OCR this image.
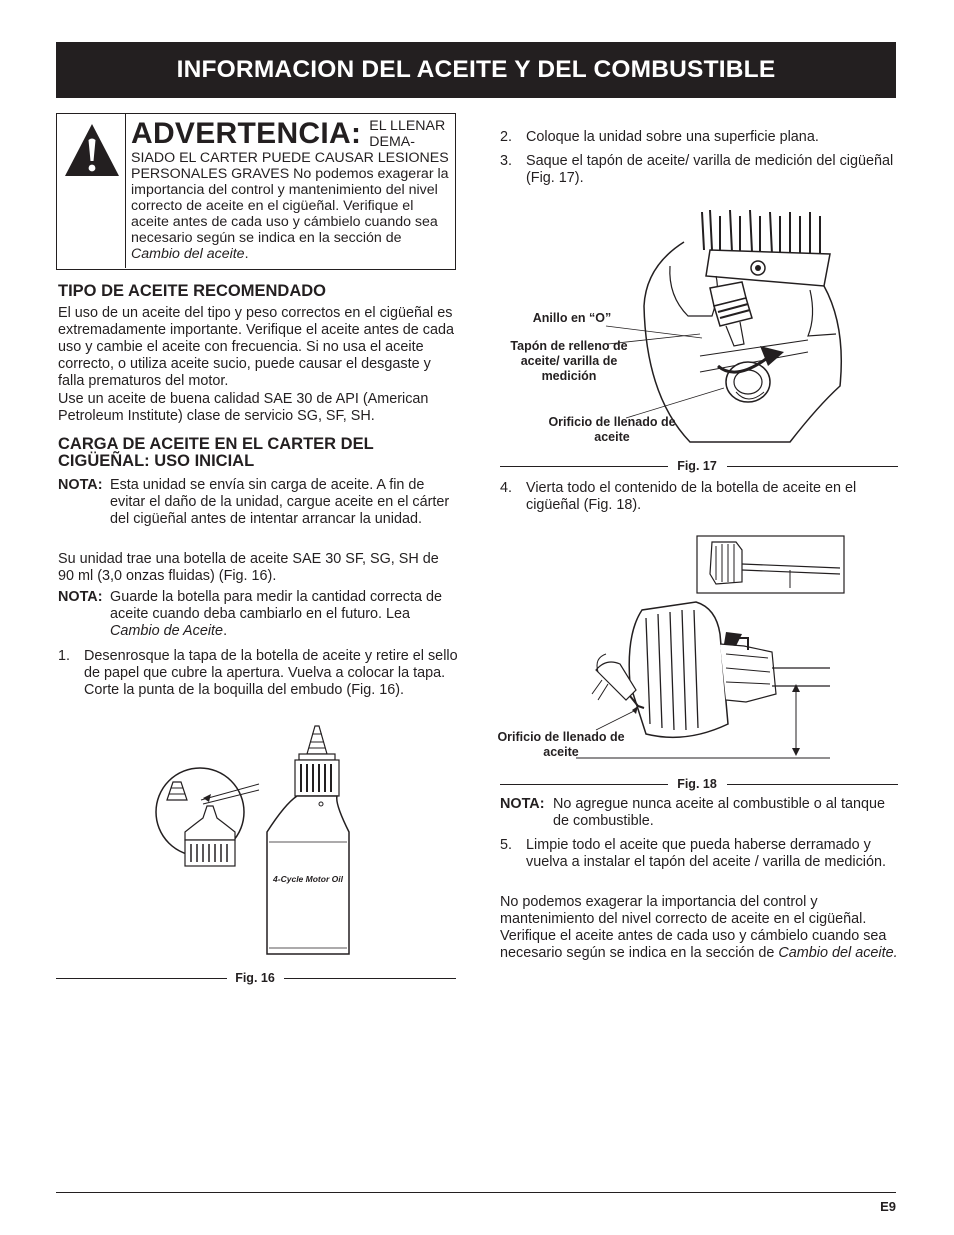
INFORMACION DEL ACEITE Y DEL COMBUSTIBLE
ADVERTENCIA: EL LLENAR DEMA- SIADO EL CARTER PUEDE CAUSAR LESIONES PERSONALES GRAVES No podemos exagerar la importancia del control y mantenimiento del nivel correcto de aceite en el cigüeñal. Verifique el aceite antes de cada uso y cámbielo cuando sea necesario según se indica en la sección de Cambio del aceite.

TIPO DE ACEITE RECOMENDADO

El uso de un aceite del tipo y peso correctos en el cigüeñal es extremadamente importante. Verifique el aceite antes de cada uso y cambie el aceite con frecuencia. Si no usa el aceite correcto, o utiliza aceite sucio, puede causar el desgaste y falla prematuros del motor.

Use un aceite de buena calidad SAE 30 de API (American Petroleum Institute) clase de servicio SG, SF, SH.

CARGA DE ACEITE EN EL CARTER DEL CIGÜEÑAL: USO INICIAL

NOTA: Esta unidad se envía sin carga de aceite. A fin de evitar el daño de la unidad, cargue aceite en el cárter del cigüeñal antes de intentar arrancar la unidad.

Su unidad trae una botella de aceite SAE 30 SF, SG, SH de 90 ml (3,0 onzas fluidas) (Fig. 16).

NOTA: Guarde la botella para medir la cantidad correcta de aceite cuando deba cambiarlo en el futuro. Lea Cambio de Aceite.
1. Desenrosque la tapa de la botella de aceite y retire el sello de papel que cubre la apertura. Vuelva a colocar la tapa. Corte la punta de la boquilla del embudo (Fig. 16).
4-Cycle Motor Oil
Fig. 16
2. Coloque la unidad sobre una superficie plana.
3. Saque el tapón de aceite/ varilla de medición del cigüeñal (Fig. 17).
Anillo en “O”
Tapón de relleno de aceite/ varilla de medición
Orificio de llenado de aceite
Fig. 17
4. Vierta todo el contenido de la botella de aceite en el cigüeñal (Fig. 18).
Orificio de llenado de aceite
Fig. 18
NOTA: No agregue nunca aceite al combustible o al tanque de combustible.
5. Limpie todo el aceite que pueda haberse derramado y vuelva a instalar el tapón del aceite / varilla de medición.

No podemos exagerar la importancia del control y mantenimiento del nivel correcto de aceite en el cigüeñal. Verifique el aceite antes de cada uso y cámbielo cuando sea necesario según se indica en la sección de Cambio del aceite.

E9
